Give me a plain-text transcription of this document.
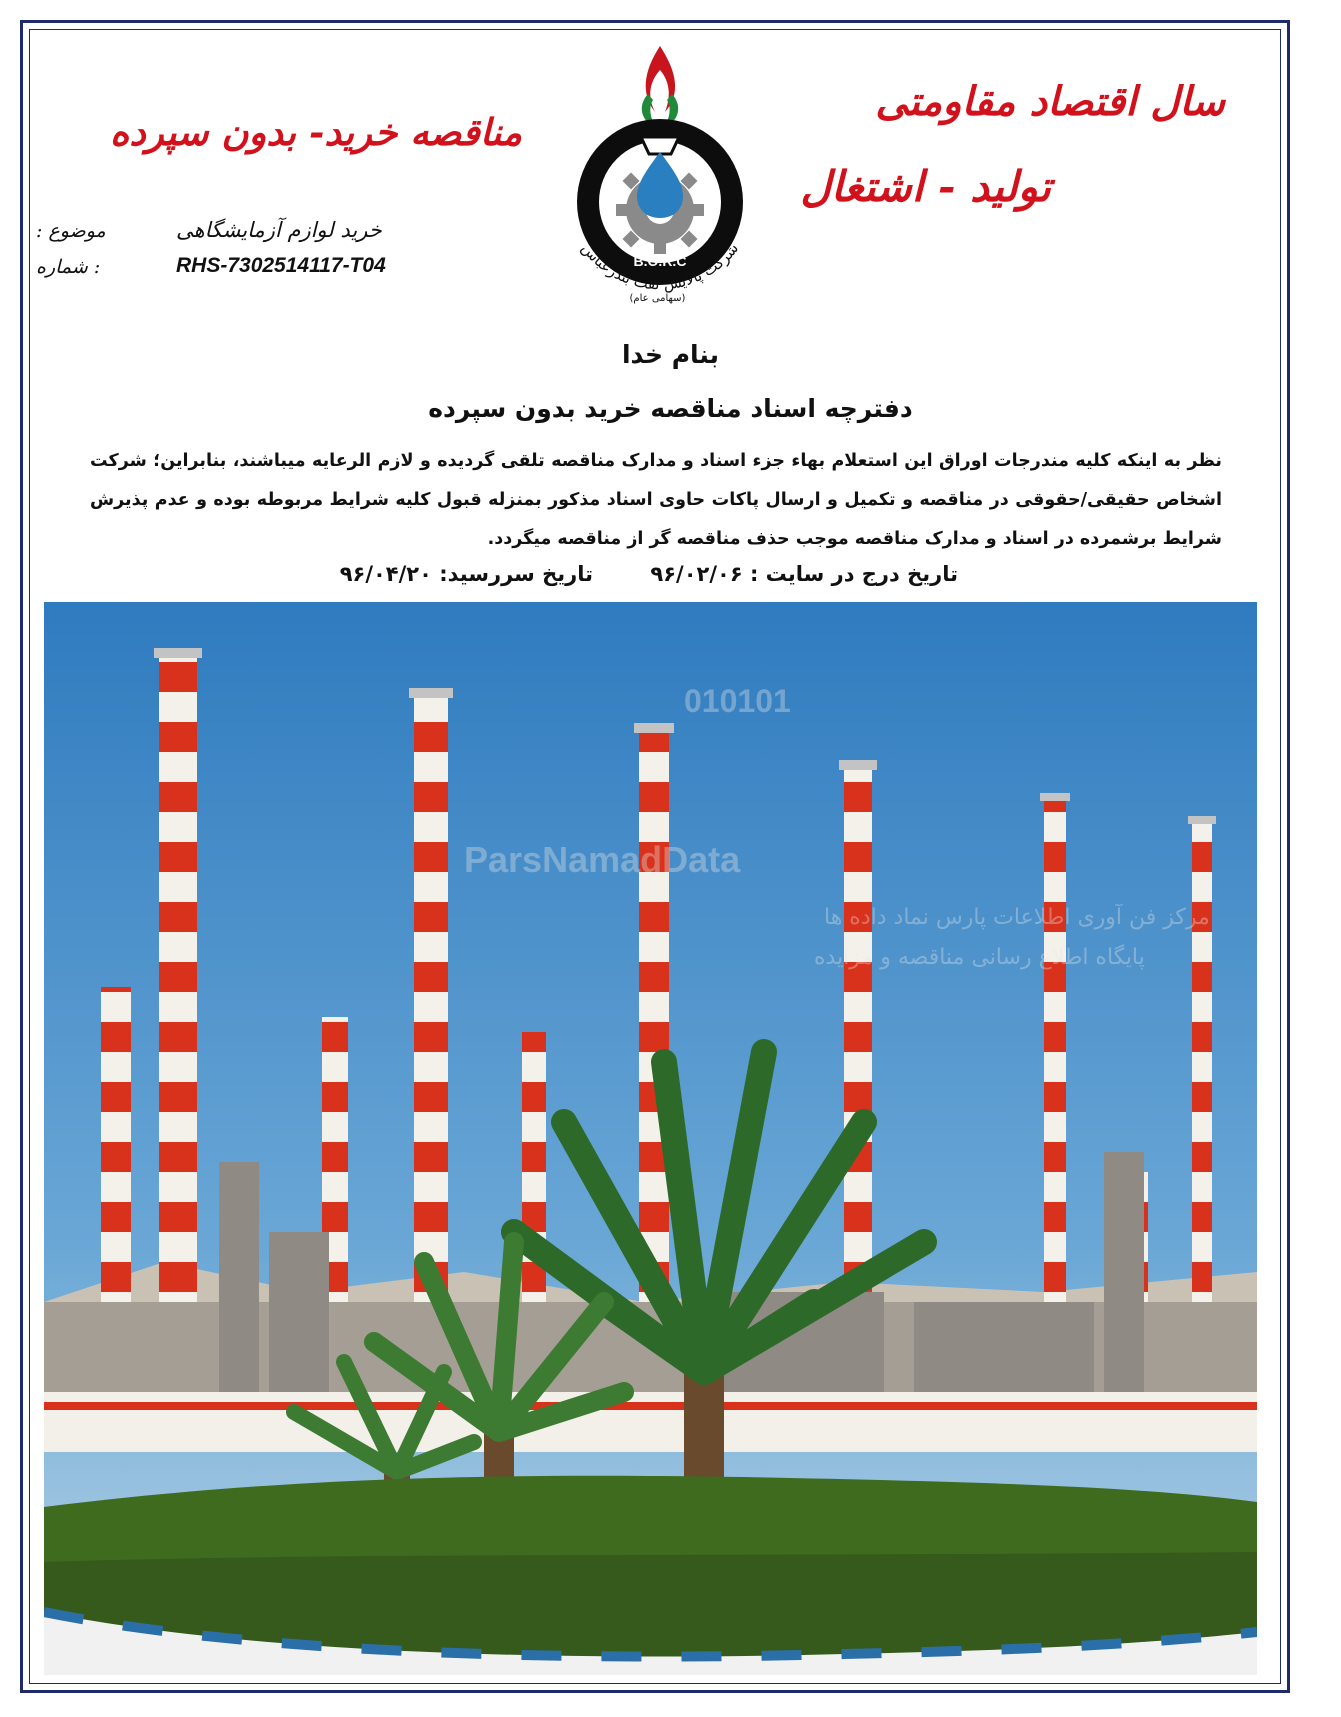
سال اقتصاد مقاومتی
تولید - اشتغال
مناقصه خرید- بدون سپرده
موضوع :	خرید لوازم آزمایشگاهی
: شماره	RHS-7302514117-T04	B.O.R.C
شرکت پالایش نفت بندرعباس
(سهامی عام)
بنام خدا
دفترچه اسناد مناقصه خرید بدون سپرده
نظر به اینکه کلیه مندرجات اوراق این استعلام بهاء جزء اسناد و مدارک مناقصه تلقی گردیده و لازم الرعایه میباشند، بنابراین؛ شرکت اشخاص حقیقی/حقوقی در مناقصه و تکمیل و ارسال پاکات حاوی اسناد مذکور بمنزله قبول کلیه شرایط مربوطه بوده و عدم پذیرش شرایط برشمرده در اسناد و مدارک مناقصه موجب حذف مناقصه گر از مناقصه میگردد.
تاریخ درج در سایت : ۹۶/۰۲/۰۶
تاریخ سررسید: ۹۶/۰۴/۲۰
ParsNamadData
010101
مرکز فن آوری اطلاعات پارس نماد داده ها
پایگاه اطلاع رسانی مناقصه و مزایده
